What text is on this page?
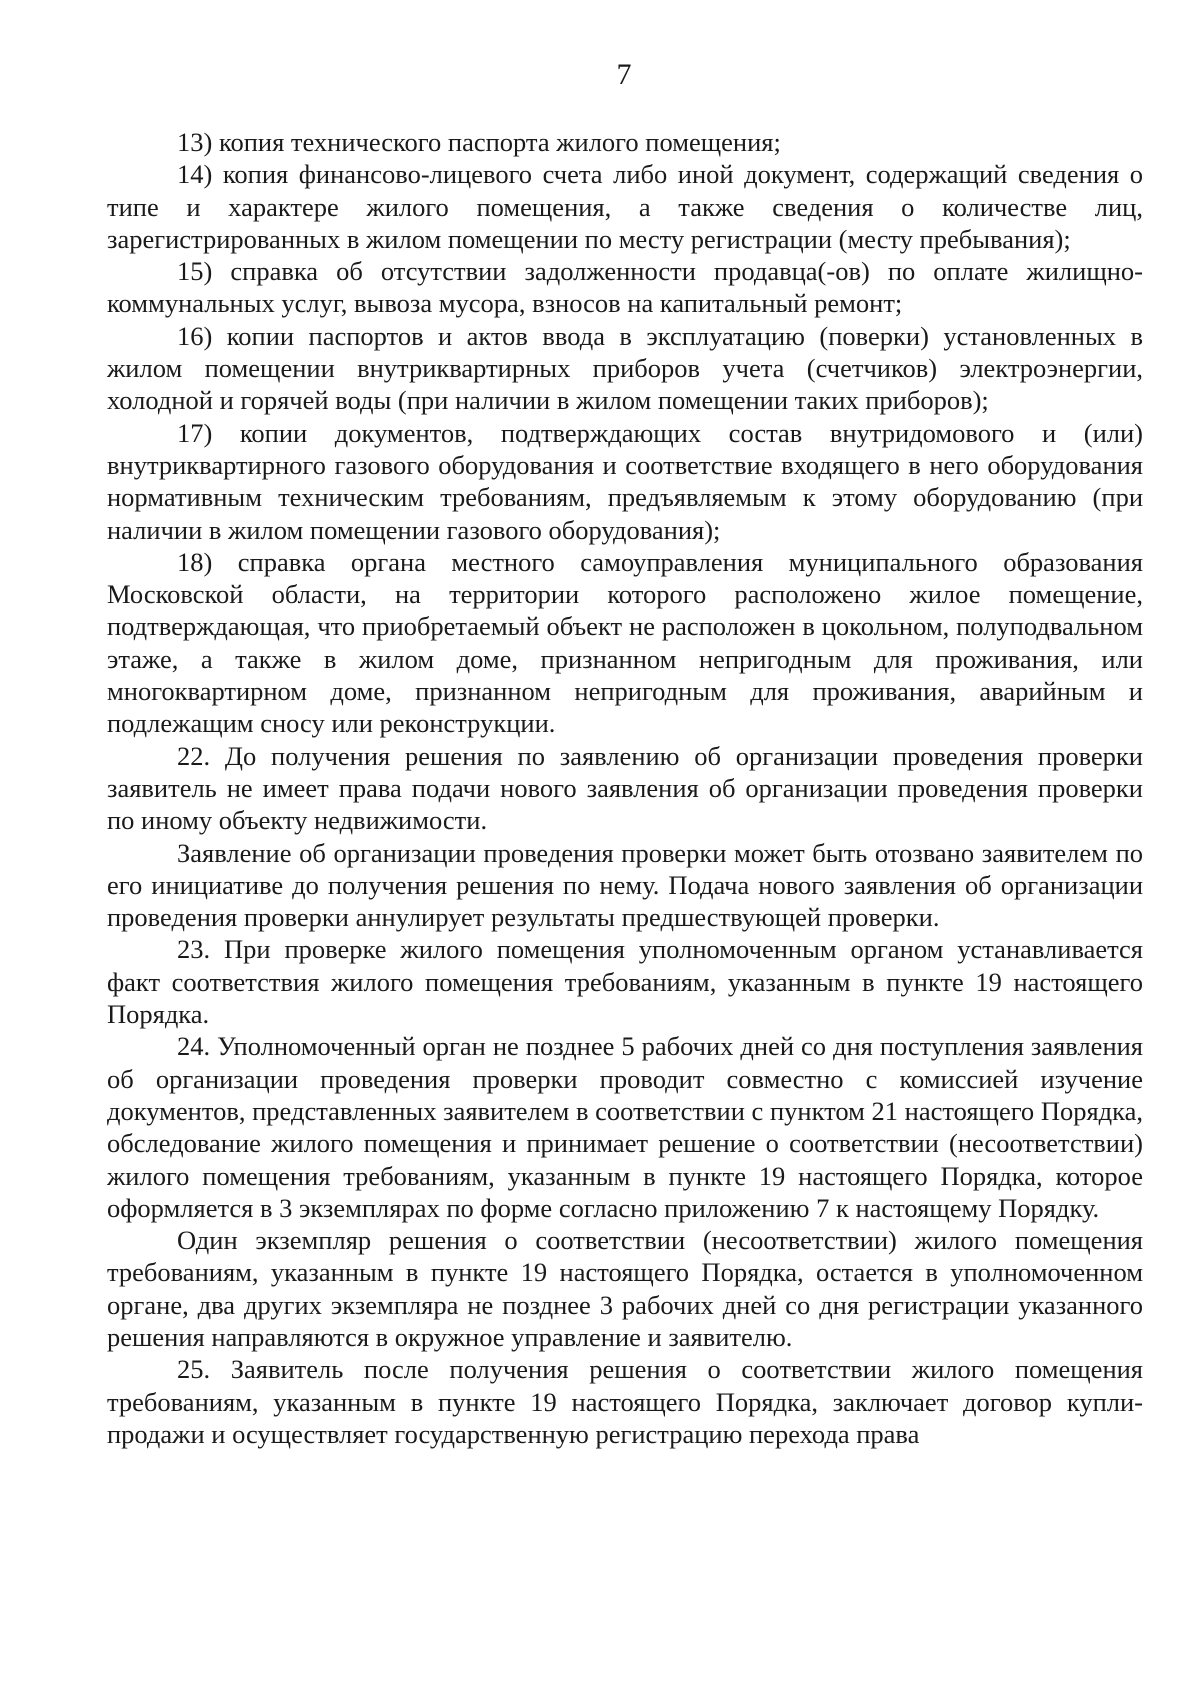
7

13) копия технического паспорта жилого помещения;

14) копия финансово-лицевого счета либо иной документ, содержащий сведения о типе и характере жилого помещения, а также сведения о количестве лиц, зарегистрированных в жилом помещении по месту регистрации (месту пребывания);

15) справка об отсутствии задолженности продавца(-ов) по оплате жилищно-коммунальных услуг, вывоза мусора, взносов на капитальный ремонт;

16) копии паспортов и актов ввода в эксплуатацию (поверки) установленных в жилом помещении внутриквартирных приборов учета (счетчиков) электроэнергии, холодной и горячей воды (при наличии в жилом помещении таких приборов);

17) копии документов, подтверждающих состав внутридомового и (или) внутриквартирного газового оборудования и соответствие входящего в него оборудования нормативным техническим требованиям, предъявляемым к этому оборудованию (при наличии в жилом помещении газового оборудования);

18) справка органа местного самоуправления муниципального образования Московской области, на территории которого расположено жилое помещение, подтверждающая, что приобретаемый объект не расположен в цокольном, полуподвальном этаже, а также в жилом доме, признанном непригодным для проживания, или многоквартирном доме, признанном непригодным для проживания, аварийным и подлежащим сносу или реконструкции.

22. До получения решения по заявлению об организации проведения проверки заявитель не имеет права подачи нового заявления об организации проведения проверки по иному объекту недвижимости.

Заявление об организации проведения проверки может быть отозвано заявителем по его инициативе до получения решения по нему. Подача нового заявления об организации проведения проверки аннулирует результаты предшествующей проверки.

23. При проверке жилого помещения уполномоченным органом устанавливается факт соответствия жилого помещения требованиям, указанным в пункте 19 настоящего Порядка.

24. Уполномоченный орган не позднее 5 рабочих дней со дня поступления заявления об организации проведения проверки проводит совместно с комиссией изучение документов, представленных заявителем в соответствии с пунктом 21 настоящего Порядка, обследование жилого помещения и принимает решение о соответствии (несоответствии) жилого помещения требованиям, указанным в пункте 19 настоящего Порядка, которое оформляется в 3 экземплярах по форме согласно приложению 7 к настоящему Порядку.

Один экземпляр решения о соответствии (несоответствии) жилого помещения требованиям, указанным в пункте 19 настоящего Порядка, остается в уполномоченном органе, два других экземпляра не позднее 3 рабочих дней со дня регистрации указанного решения направляются в окружное управление и заявителю.

25. Заявитель после получения решения о соответствии жилого помещения требованиям, указанным в пункте 19 настоящего Порядка, заключает договор купли-продажи и осуществляет государственную регистрацию перехода права
